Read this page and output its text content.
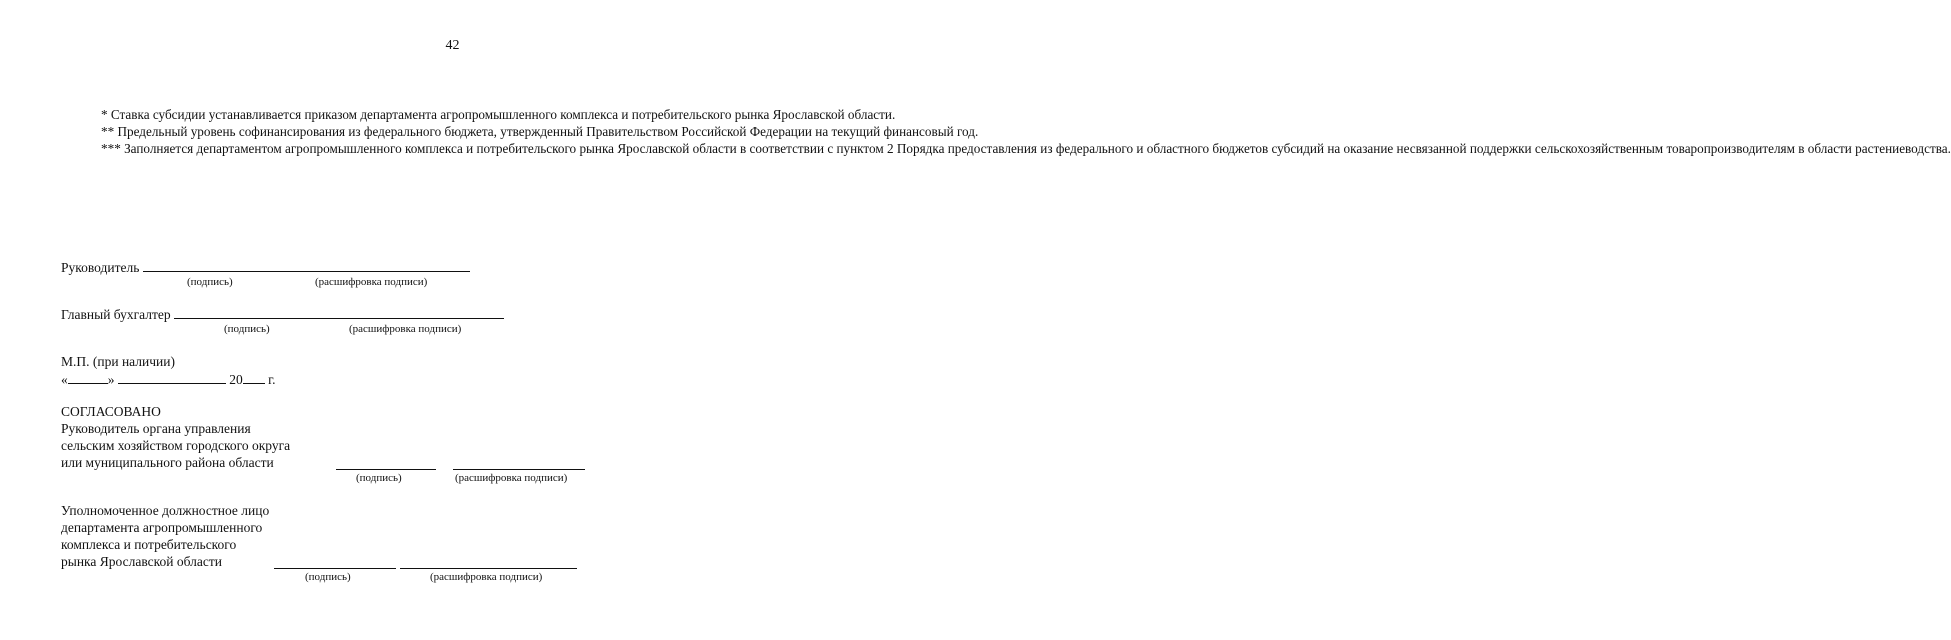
42

* Ставка субсидии устанавливается приказом департамента агропромышленного комплекса и потребительского рынка Ярославской области.

** Предельный уровень софинансирования из федерального бюджета, утвержденный Правительством Российской Федерации на текущий финансовый год.

*** Заполняется департаментом агропромышленного комплекса и потребительского рынка Ярославской области в соответствии с пунктом 2 Порядка предоставления из федерального и областного бюджетов субсидий на оказание несвязанной поддержки сельскохозяйственным товаропроизводителям в области растениеводства.

Руководитель
(подпись)	(расшифровка подписи)
Главный бухгалтер
(подпись)	(расшифровка подписи)
М.П. (при наличии)
«	»	20 г.
СОГЛАСОВАНО
Руководитель органа управления
сельским хозяйством городского округа
или муниципального района области
(подпись)	(расшифровка подписи)
Уполномоченное должностное лицо
департамента агропромышленного
комплекса и потребительского
рынка Ярославской области
(подпись)	(расшифровка подписи)
